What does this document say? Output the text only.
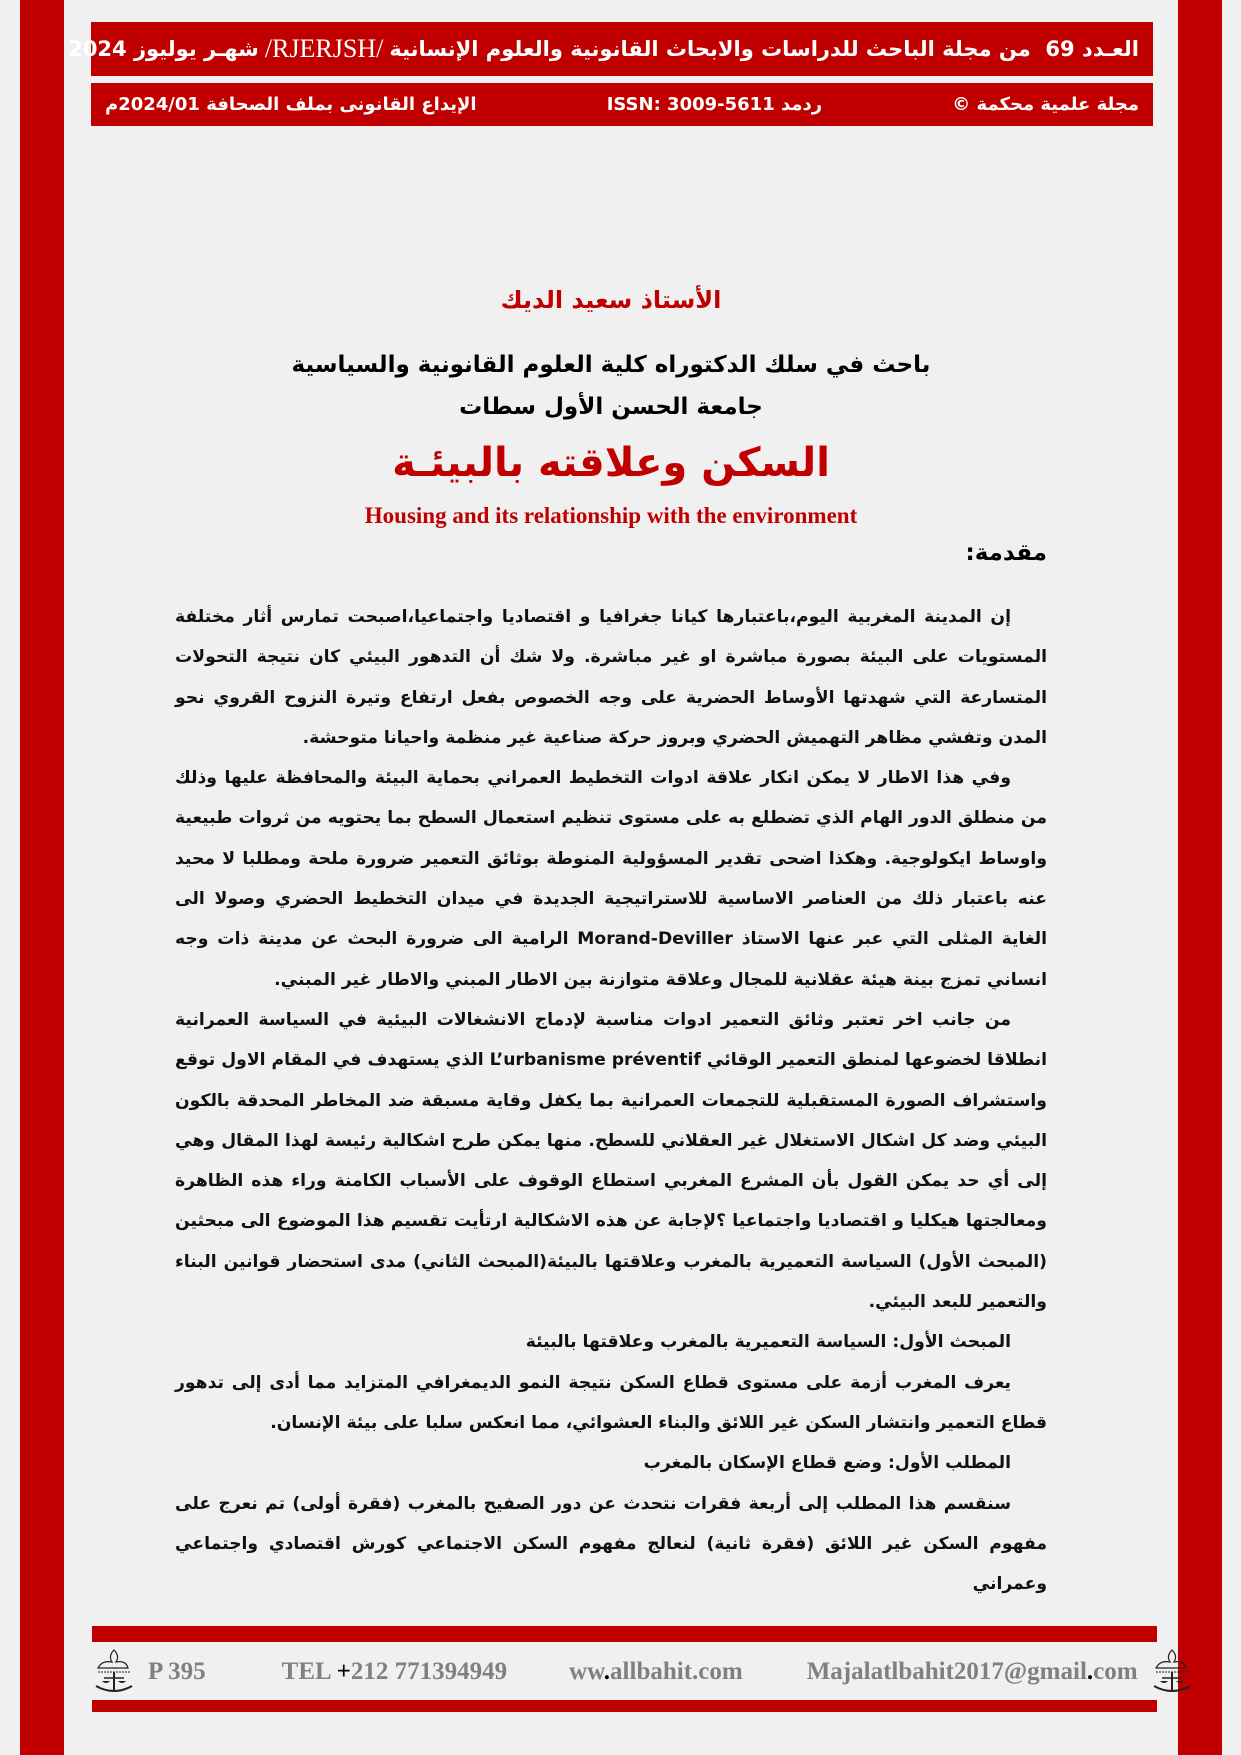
العـدد 69

من مجلة الباحث للدراسات والابحاث القانونية والعلوم الإنسانية
/RJERJSH/
شهـر يوليوز 2024
مجلة علمية محكمة ©
ردمد ISSN: 3009-5611
الإيداع القانونى بملف الصحافة 2024/01م
الأستاذ سعيد الديك
باحث في سلك الدكتوراه كلية العلوم القانونية والسياسية
جامعة الحسن الأول سطات
السكن وعلاقته بالبيئـة
Housing and its relationship with the environment
مقدمة:

إن المدينة المغربية اليوم،باعتبارها كيانا جغرافيا و اقتصاديا واجتماعيا،اصبحت تمارس أثار مختلفة المستويات على البيئة بصورة مباشرة او غير مباشرة. ولا شك أن التدهور البيئي كان نتيجة التحولات المتسارعة التي شهدتها الأوساط الحضرية على وجه الخصوص بفعل ارتفاع وتيرة النزوح القروي نحو المدن وتفشي مظاهر التهميش الحضري وبروز حركة صناعية غير منظمة واحيانا متوحشة.

وفي هذا الاطار لا يمكن انكار علاقة ادوات التخطيط العمراني بحماية البيئة والمحافظة عليها وذلك من منطلق الدور الهام الذي تضطلع به على مستوى تنظيم استعمال السطح بما يحتويه من ثروات طبيعية واوساط ايكولوجية. وهكذا اضحى تقدير المسؤولية المنوطة بوثائق التعمير ضرورة ملحة ومطلبا لا محيد عنه باعتبار ذلك من العناصر الاساسية للاستراتيجية الجديدة في ميدان التخطيط الحضري وصولا الى الغاية المثلى التي عبر عنها الاستاذ Morand-Deviller الرامية الى ضرورة البحث عن مدينة ذات وجه انساني تمزج بينة هيئة عقلانية للمجال وعلاقة متوازنة بين الاطار المبني والاطار غير المبني.

من جانب اخر تعتبر وثائق التعمير ادوات مناسبة لإدماج الانشغالات البيئية في السياسة العمرانية انطلاقا لخضوعها لمنطق التعمير الوقائي L’urbanisme préventif الذي يستهدف في المقام الاول توقع واستشراف الصورة المستقبلية للتجمعات العمرانية بما يكفل وقاية مسبقة ضد المخاطر المحدقة بالكون البيئي وضد كل اشكال الاستغلال غير العقلاني للسطح. منها يمكن طرح اشكالية رئيسة لهذا المقال وهي إلى أي حد يمكن القول بأن المشرع المغربي استطاع الوقوف على الأسباب الكامنة وراء هذه الظاهرة ومعالجتها هيكليا و اقتصاديا واجتماعيا ؟لإجابة عن هذه الاشكالية ارتأيت تقسيم هذا الموضوع الى مبحثين (المبحث الأول) السياسة التعميرية بالمغرب وعلاقتها بالبيئة(المبحث الثاني) مدى استحضار قوانين البناء والتعمير للبعد البيئي.

المبحث الأول: السياسة التعميرية بالمغرب وعلاقتها بالبيئة

يعرف المغرب أزمة على مستوى قطاع السكن نتيجة النمو الديمغرافي المتزايد مما أدى إلى تدهور قطاع التعمير وانتشار السكن غير اللائق والبناء العشوائي، مما انعكس سلبا على بيئة الإنسان.

المطلب الأول: وضع قطاع الإسكان بالمغرب

سنقسم هذا المطلب إلى أربعة فقرات نتحدث عن دور الصفيح بالمغرب (فقرة أولى) تم نعرج على مفهوم السكن غير اللائق (فقرة ثانية) لنعالج مفهوم السكن الاجتماعي كورش اقتصادي واجتماعي وعمراني

P 395	TEL +212 771394949 ww.allbahit.com	Majalatlbahit2017@gmail.com
